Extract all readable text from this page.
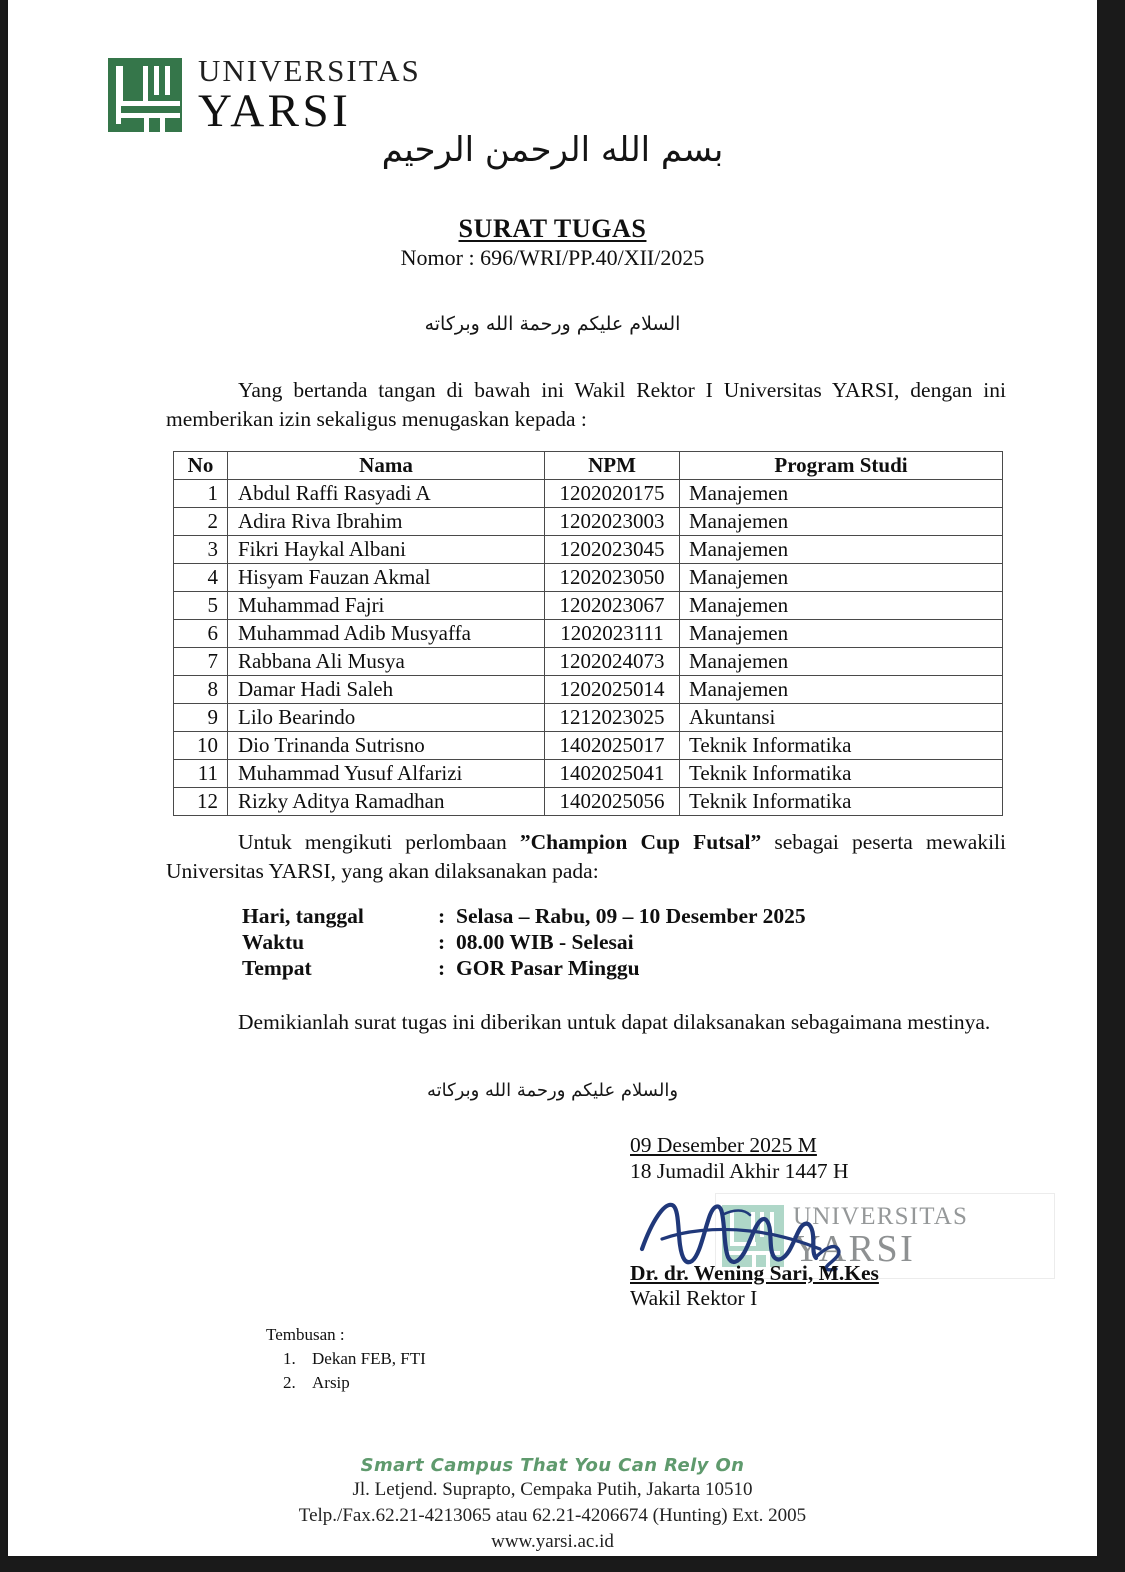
UNIVERSITAS
YARSI
بسم الله الرحمن الرحيم
SURAT TUGAS
Nomor : 696/WRI/PP.40/XII/2025
السلام عليكم ورحمة الله وبركاته
Yang bertanda tangan di bawah ini Wakil Rektor I Universitas YARSI, dengan ini memberikan izin sekaligus menugaskan kepada :
No	Nama	NPM	Program Studi
1	Abdul Raffi Rasyadi A	1202020175	Manajemen
2	Adira Riva Ibrahim	1202023003	Manajemen
3	Fikri Haykal Albani	1202023045	Manajemen
4	Hisyam Fauzan Akmal	1202023050	Manajemen
5	Muhammad Fajri	1202023067	Manajemen
6	Muhammad Adib Musyaffa	1202023111	Manajemen
7	Rabbana Ali Musya	1202024073	Manajemen
8	Damar Hadi Saleh	1202025014	Manajemen
9	Lilo Bearindo	1212023025	Akuntansi
10	Dio Trinanda Sutrisno	1402025017	Teknik Informatika
11	Muhammad Yusuf Alfarizi	1402025041	Teknik Informatika
12	Rizky Aditya Ramadhan	1402025056	Teknik Informatika
Untuk mengikuti perlombaan ”Champion Cup Futsal” sebagai peserta mewakili Universitas YARSI, yang akan dilaksanakan pada:
Hari, tanggal	: Selasa – Rabu, 09 – 10 Desember 2025
Waktu	: 08.00 WIB - Selesai
Tempat	: GOR Pasar Minggu
Demikianlah surat tugas ini diberikan untuk dapat dilaksanakan sebagaimana mestinya.
والسلام عليكم ورحمة الله وبركاته
09 Desember 2025 M
18 Jumadil Akhir 1447 H
UNIVERSITAS
YARSI
Dr. dr. Wening Sari, M.Kes
Wakil Rektor I
Tembusan :
1. Dekan FEB, FTI
2. Arsip
Smart Campus That You Can Rely On
Jl. Letjend. Suprapto, Cempaka Putih, Jakarta 10510
Telp./Fax.62.21-4213065 atau 62.21-4206674 (Hunting) Ext. 2005
www.yarsi.ac.id
